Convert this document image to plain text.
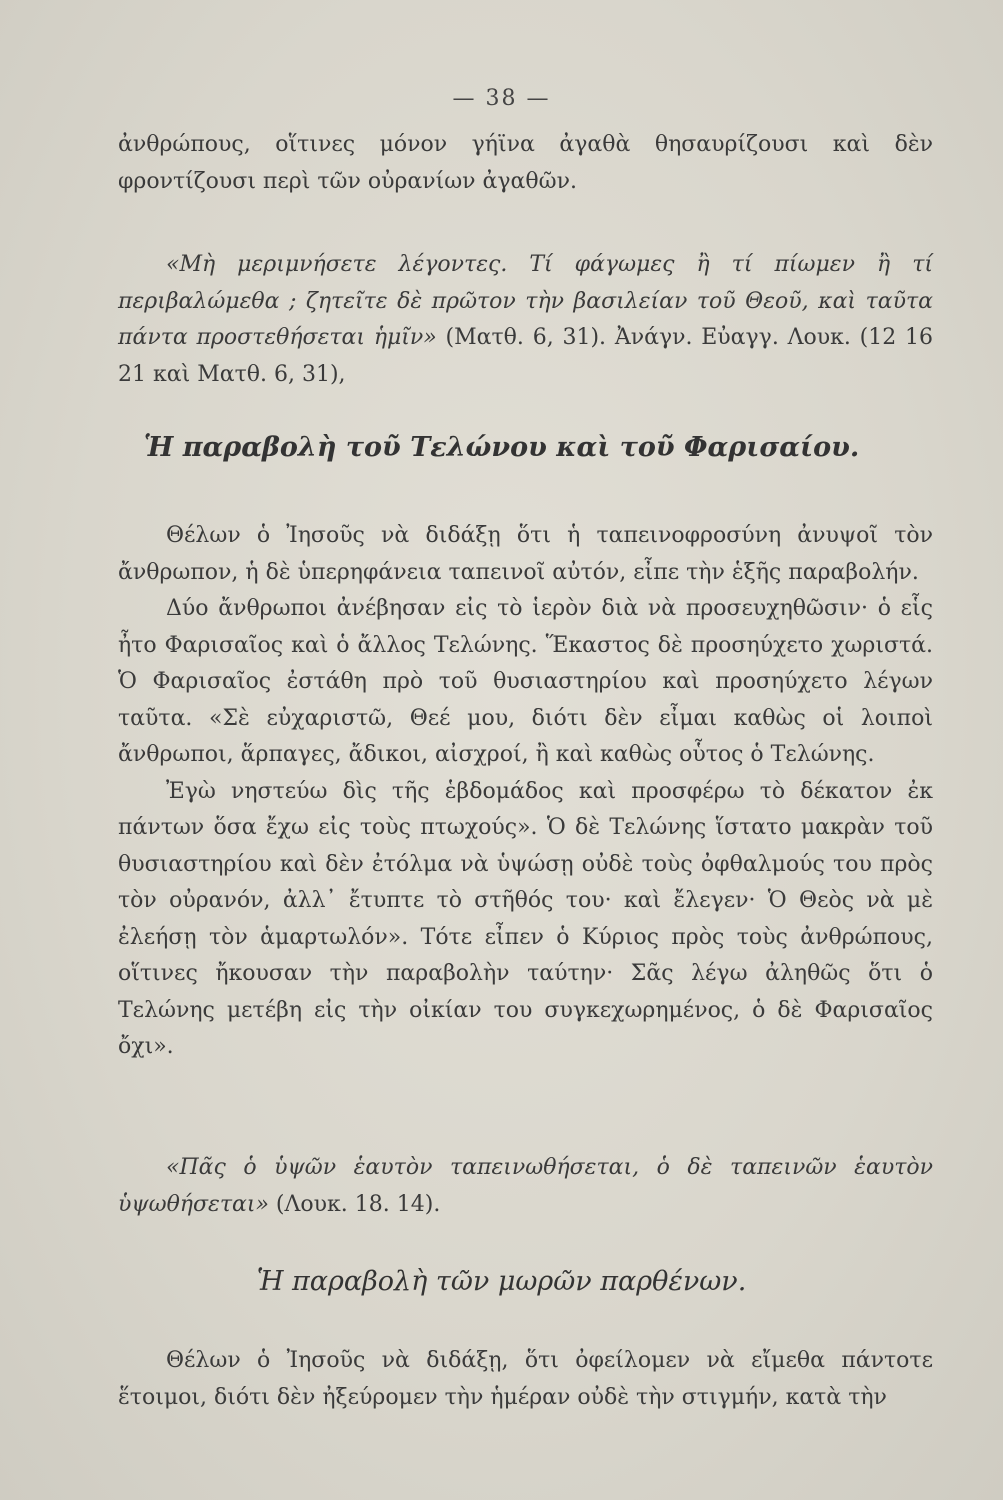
— 38 —

ἀνθρώπους, οἵτινες μόνον γήϊνα ἀγαθὰ θησαυρίζουσι καὶ δὲν φροντίζουσι περὶ τῶν οὐρανίων ἀγαθῶν.

«Μὴ μεριμνήσετε λέγοντες. Τί φάγωμες ἢ τί πίωμεν ἢ τί περιβαλώμεθα ; ζητεῖτε δὲ πρῶτον τὴν βασιλείαν τοῦ Θεοῦ, καὶ ταῦτα πάντα προστεθήσεται ἡμῖν» (Ματθ. 6, 31). Ἀνάγν. Εὐαγγ. Λουκ. (12 16 21 καὶ Ματθ. 6, 31),

Ἡ παραβολὴ τοῦ Τελώνου καὶ τοῦ Φαρισαίου.

Θέλων ὁ Ἰησοῦς νὰ διδάξῃ ὅτι ἡ ταπεινοφροσύνη ἀνυψοῖ τὸν ἄνθρωπον, ἡ δὲ ὑπερηφάνεια ταπεινοῖ αὐτόν, εἶπε τὴν ἑξῆς παραβολήν.

Δύο ἄνθρωποι ἀνέβησαν εἰς τὸ ἱερὸν διὰ νὰ προσευχηθῶσιν· ὁ εἷς ἦτο Φαρισαῖος καὶ ὁ ἄλλος Τελώνης. Ἕκαστος δὲ προσηύχετο χωριστά. Ὁ Φαρισαῖος ἐστάθη πρὸ τοῦ θυσιαστηρίου καὶ προσηύχετο λέγων ταῦτα. «Σὲ εὐχαριστῶ, Θεέ μου, διότι δὲν εἶμαι καθὼς οἱ λοιποὶ ἄνθρωποι, ἅρπαγες, ἄδικοι, αἰσχροί, ἢ καὶ καθὼς οὗτος ὁ Τελώνης.

Ἐγὼ νηστεύω δὶς τῆς ἑβδομάδος καὶ προσφέρω τὸ δέκατον ἐκ πάντων ὅσα ἔχω εἰς τοὺς πτωχούς». Ὁ δὲ Τελώνης ἵστατο μακρὰν τοῦ θυσιαστηρίου καὶ δὲν ἐτόλμα νὰ ὑψώσῃ οὐδὲ τοὺς ὀφθαλμούς του πρὸς τὸν οὐρανόν, ἀλλ᾿ ἔτυπτε τὸ στῆθός του· καὶ ἔλεγεν· Ὁ Θεὸς νὰ μὲ ἐλεήσῃ τὸν ἁμαρτωλόν». Τότε εἶπεν ὁ Κύριος πρὸς τοὺς ἀνθρώπους, οἵτινες ἤκουσαν τὴν παραβολὴν ταύτην· Σᾶς λέγω ἀληθῶς ὅτι ὁ Τελώνης μετέβη εἰς τὴν οἰκίαν του συγκεχωρημένος, ὁ δὲ Φαρισαῖος ὄχι».

«Πᾶς ὁ ὑψῶν ἑαυτὸν ταπεινωθήσεται, ὁ δὲ ταπεινῶν ἑαυτὸν ὑψωθήσεται» (Λουκ. 18. 14).

Ἡ παραβολὴ τῶν μωρῶν παρθένων.

Θέλων ὁ Ἰησοῦς νὰ διδάξῃ, ὅτι ὀφείλομεν νὰ εἴμεθα πάντοτε ἕτοιμοι, διότι δὲν ἠξεύρομεν τὴν ἡμέραν οὐδὲ τὴν στιγμήν, κατὰ τὴν
